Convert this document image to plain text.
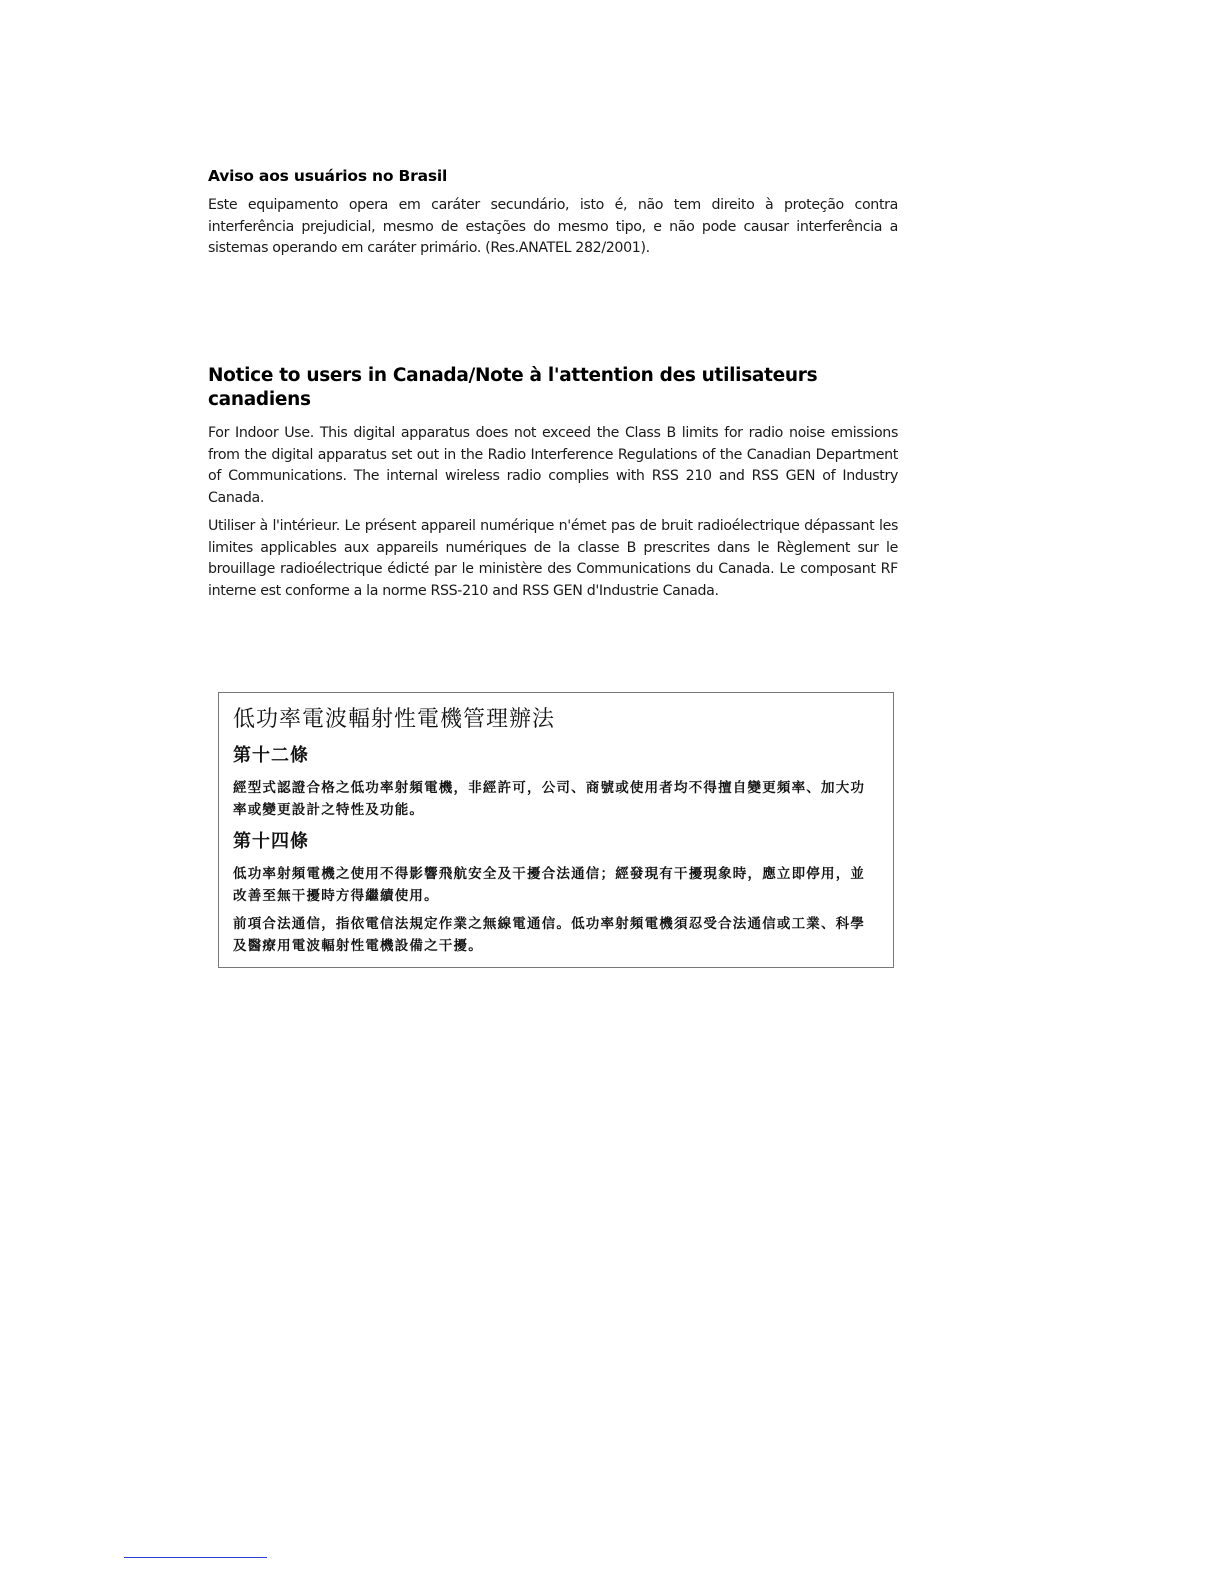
Aviso aos usuários no Brasil

Este equipamento opera em caráter secundário, isto é, não tem direito à proteção contra interferência prejudicial, mesmo de estações do mesmo tipo, e não pode causar interferência a sistemas operando em caráter primário. (Res.ANATEL 282/2001).

Notice to users in Canada/Note à l'attention des utilisateurs canadiens

For Indoor Use. This digital apparatus does not exceed the Class B limits for radio noise emissions from the digital apparatus set out in the Radio Interference Regulations of the Canadian Department of Communications. The internal wireless radio complies with RSS 210 and RSS GEN of Industry Canada.

Utiliser à l'intérieur. Le présent appareil numérique n'émet pas de bruit radioélectrique dépassant les limites applicables aux appareils numériques de la classe B prescrites dans le Règlement sur le brouillage radioélectrique édicté par le ministère des Communications du Canada. Le composant RF interne est conforme a la norme RSS-210 and RSS GEN d'Industrie Canada.

低功率電波輻射性電機管理辦法
第十二條
經型式認證合格之低功率射頻電機，非經許可，公司、商號或使用者均不得擅自變更頻率、加大功率或變更設計之特性及功能。
第十四條
低功率射頻電機之使用不得影響飛航安全及干擾合法通信；經發現有干擾現象時，應立即停用，並改善至無干擾時方得繼續使用。
前項合法通信，指依電信法規定作業之無線電通信。低功率射頻電機須忍受合法通信或工業、科學及醫療用電波輻射性電機設備之干擾。
